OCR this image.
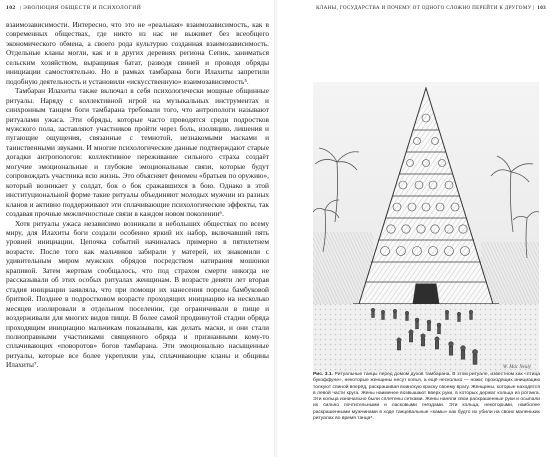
102 | ЭВОЛЮЦИЯ ОБЩЕСТВ И ПСИХОЛОГИЙ

взаимозависимости. Интересно, что это не «реальная» взаимозависимость, как в современных обществах, где никто из нас не выживет без всеобщего экономического обмена, а своего рода культурно созданная взаимозависимость. Отдельные кланы могли, как и в других деревнях региона Сепик, заниматься сельским хозяйством, выращивая батат, разводя свиней и проводя обряды инициации самостоятельно. Но в рамках тамбарана боги Илахиты запретили подобную деятельность и установили «искусственную» взаимозависимость⁵.

Тамбаран Илахиты также включал в себя психологически мощные общинные ритуалы. Наряду с коллективной игрой на музыкальных инструментах и синхронным танцем боги тамбарана требовали того, что антропологи называют ритуалами ужаса. Эти обряды, которые часто проводятся среди подростков мужского пола, заставляют участников пройти через боль, изоляцию, лишения и пугающие ощущения, связанные с темнотой, незнакомыми масками и таинственными звуками. И многие психологические данные подтверждают старые догадки антропологов: коллективное переживание сильного страха создаёт могучие эмоциональные и глубокие эмоциональные связи, которые будут сопровождать участника всю жизнь. Это объясняет феномен «братьев по оружию», который возникает у солдат, бок о бок сражавшихся в бою. Однако в этой институциональной форме такие ритуалы объединяют молодых мужчин из разных кланов и активно поддерживают эти сплачивающие психологические эффекты, так создавая прочные межличностные связи в каждом новом поколении⁶.

Хотя ритуалы ужаса независимо возникали в небольших обществах по всему миру, для Илахиты боги создали особенно яркий их набор, включавший пять уровней инициации. Цепочка событий начиналась примерно в пятилетнем возрасте. После того как мальчиков забирали у матерей, их знакомили с удивительным миром мужских обрядов посредством натирания мошонки крапивой. Затем жертвам сообщалось, что под страхом смерти никогда не рассказывали об этих особых ритуалах женщинам. В возрасте девяти лет вторая стадия инициации заявляла, что при помощи их нанесения порезы бамбуковой бритвой. Позднее в подростковом возрасте проходящих инициацию на несколько месяцев изолировали в отдельном поселении, где ограничивали в пище и воздерживали для многих видов пищи. В более самой продвинутой стадии обряда проходящим инициацию мальчикам показывали, как делать маски, и они стали полноправными участниками священного обряда и признанными кому-то сплачивающих «поворотов» богов тамбарана. Эти эмоционально насыщенные ритуалы, которые все более укрепляли узы, сплачивающие кланы и общины Илахиты⁷.

КЛАНЫ, ГОСУДАРСТВА И ПОЧЕМУ ОТ ОДНОГО СЛОЖНО ПЕРЕЙТИ К ДРУГОМУ | 103
W. Mac Nealy
Рис. 3.1. Ритуальные танцы перед домом духов тамбарана. В этом ритуале, известном как «птица букоффуне», некоторые женщины несут копья, а ещё несколько — ножи; проходящих инициацию толкуют спиной вперёд, раскрашивая воинскую краску своему врагу. Женщины, которые находятся в левой части круга. Жены наименее возвышают вверх руки, в которых держат кольца из ротанга. Эти кольца изначально были сплетены сетками. Жены наняли свои раскрашенные руки и осыпали их сильно почтительными и ласковыми гнёздами. Эти кольца, некоторыми, наиболее раскрашенными мужчинами в ходе танцевальные «камы» как будто их убили на своих маленьких ритуалах во время танца⁸.
